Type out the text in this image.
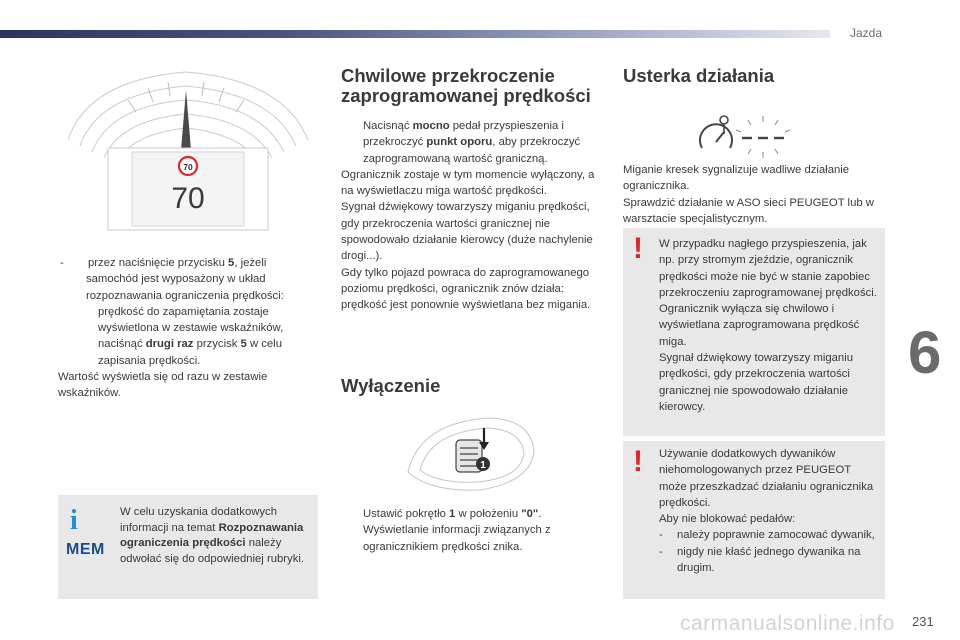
Jazda
6
carmanualsonline.info 231
70
70

- przez naciśnięcie przycisku 5, jeżeli samochód jest wyposażony w układ rozpoznawania ograniczenia prędkości:

prędkość do zapamiętania zostaje wyświetlona w zestawie wskaźników,

naciśnąć drugi raz przycisk 5 w celu zapisania prędkości.

Wartość wyświetla się od razu w zestawie wskaźników.

i
MEM
W celu uzyskania dodatkowych informacji na temat Rozpoznawania ograniczenia prędkości należy odwołać się do odpowiedniej rubryki.
Chwilowe przekroczenie zaprogramowanej prędkości

Nacisnąć mocno pedał przyspieszenia i przekroczyć punkt oporu, aby przekroczyć zaprogramowaną wartość graniczną.

Ogranicznik zostaje w tym momencie wyłączony, a na wyświetlaczu miga wartość prędkości.

Sygnał dźwiękowy towarzyszy miganiu prędkości, gdy przekroczenia wartości granicznej nie spowodowało działanie kierowcy (duże nachylenie drogi...).

Gdy tylko pojazd powraca do zaprogramowanego poziomu prędkości, ogranicznik znów działa: prędkość jest ponownie wyświetlana bez migania.

Wyłączenie
1

Ustawić pokrętło 1 w położeniu "0". Wyświetlanie informacji związanych z ogranicznikiem prędkości znika.

Usterka działania

Miganie kresek sygnalizuje wadliwe działanie ogranicznika.

Sprawdzić działanie w ASO sieci PEUGEOT lub w warsztacie specjalistycznym.

! W przypadku nagłego przyspieszenia, jak np. przy stromym zjeździe, ogranicznik prędkości może nie być w stanie zapobiec przekroczeniu zaprogramowanej prędkości.

Ogranicznik wyłącza się chwilowo i wyświetlana zaprogramowana prędkość miga.

Sygnał dźwiękowy towarzyszy miganiu prędkości, gdy przekroczenia wartości granicznej nie spowodowało działanie kierowcy.

! Używanie dodatkowych dywaników niehomologowanych przez PEUGEOT może przeszkadzać działaniu ogranicznika prędkości.

Aby nie blokować pedałów:

- należy poprawnie zamocować dywanik,

- nigdy nie kłaść jednego dywanika na drugim.
